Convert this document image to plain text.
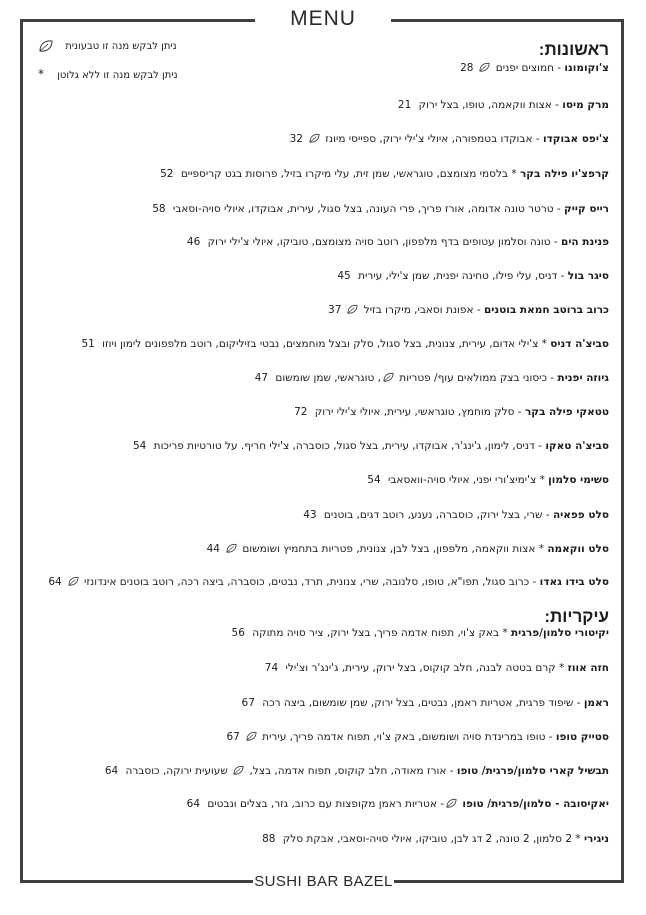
MENU
SUSHI BAR BAZEL
ניתן לבקש מנה זו טבעונית
ניתן לבקש מנה זו ללא גלוטן *
ראשונות:
צ'וקומונו - חמוצים יפנים 28
מרק מיסו - אצות ווקאמה, טופו, בצל ירוק 21
צ'יפס אבוקדו - אבוקדו בטמפורה, איולי צ'ילי ירוק, ספייסי מיונז 32
קרפצ'יו פילה בקר * בלסמי מצומצם, טוגראשי, שמן זית, עלי מיקרו בזיל, פרוסות בגט קריספיים 52
רייס קייק - טרטר טונה אדומה, אורז פריך, פרי העונה, בצל סגול, עירית, אבוקדו, איולי סויה-וסאבי 58
פנינת הים - טונה וסלמון עטופים בדף מלפפון, רוטב סויה מצומצם, טוביקו, איולי צ'ילי ירוק 46
סיגר בול - דניס, עלי פילו, טחינה יפנית, שמן צ'ילי, עירית 45
כרוב ברוטב חמאת בוטנים - אפונת וסאבי, מיקרו בזיל 37
סביצ'ה דניס * צ'ילי אדום, עירית, צנונית, בצל סגול, סלק ובצל מוחמצים, נבטי בזיליקום, רוטב מלפפונים לימון ויוזו 51
גיוזה יפנית - כיסוני בצק ממולאים עוף/ פטריות , טוגראשי, שמן שומשום 47
טטאקי פילה בקר - סלק מוחמץ, טוגראשי, עירית, איולי צ'ילי ירוק 72
סביצ'ה טאקו - דניס, לימון, ג'ינג'ר, אבוקדו, עירית, בצל סגול, כוסברה, צ'ילי חריף. על טורטיות פריכות 54
סשימי סלמון * צ'ימיצ'ורי יפני, איולי סויה-וואסאבי 54
סלט פפאיה - שרי, בצל ירוק, כוסברה, נענע, רוטב דגים, בוטנים 43
סלט ווקאמה * אצות ווקאמה, מלפפון, בצל לבן, צנונית, פטריות בתחמיץ ושומשום 44
סלט בידו גאדו - כרוב סגול, תפו"א, טופו, סלנובה, שרי, צנונית, תרד, נבטים, כוסברה, ביצה רכה, רוטב בוטנים אינדונזי 64
עיקריות:
יקיטורי סלמון/פרגית * באק צ'וי, תפוח אדמה פריך, בצל ירוק, ציר סויה מתוקה 56
חזה אווז * קרם בטטה לבנה, חלב קוקוס, בצל ירוק, עירית, ג'ינג'ר וצ'ילי 74
ראמן - שיפוד פרגית, אטריות ראמן, נבטים, בצל ירוק, שמן שומשום, ביצה רכה 67
סטייק טופו - טופו במרינדת סויה ושומשום, באק צ'וי, תפוח אדמה פריך, עירית 67
תבשיל קארי סלמון/פרגית/ טופו - אורז מאודה, חלב קוקוס, תפוח אדמה, בצל,  שעועית ירוקה, כוסברה 64
יאקיסובה - סלמון/פרגית/ טופו - אטריות ראמן מקופצות עם כרוב, גזר, בצלים ונבטים 64
ניגירי * 2 סלמון, 2 טונה, 2 דג לבן, טוביקו, איולי סויה-וסאבי, אבקת סלק 88
